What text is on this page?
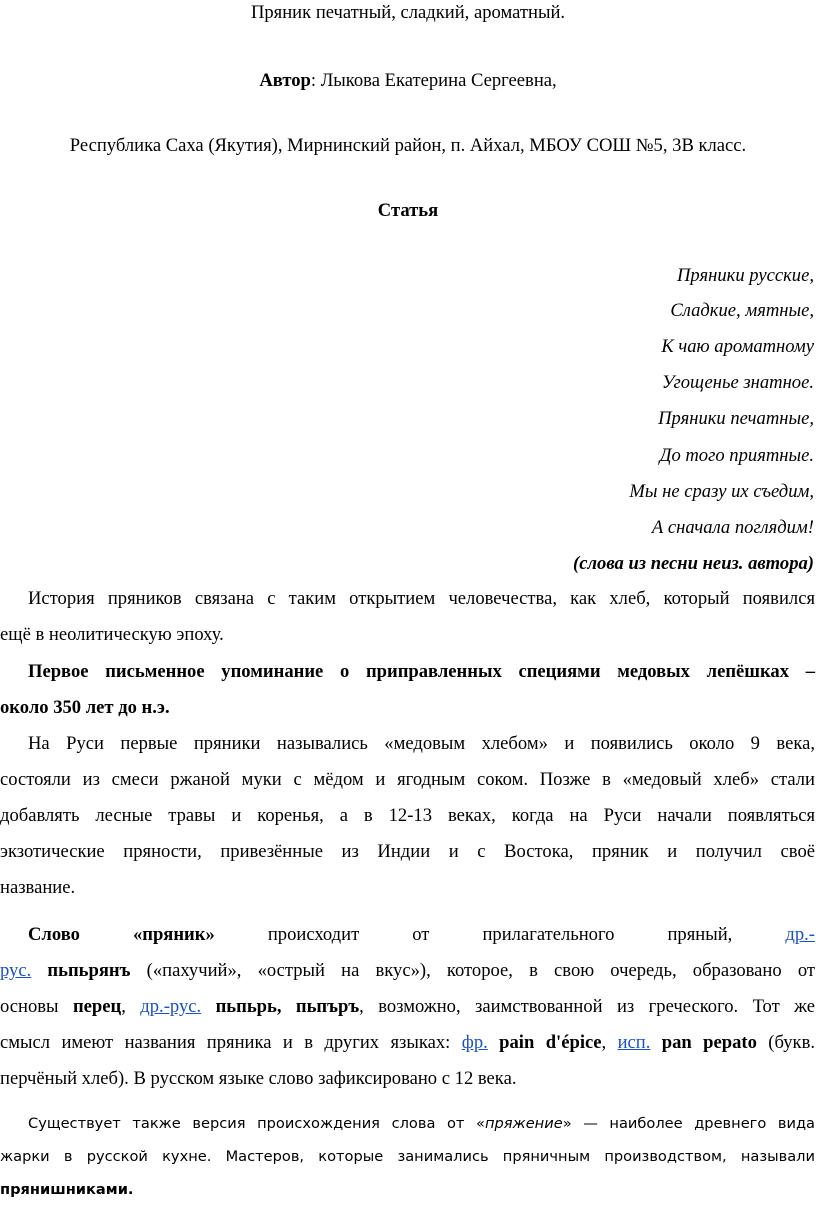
Пряник печатный, сладкий, ароматный.
Автор: Лыкова Екатерина Сергеевна,
Республика Саха (Якутия), Мирнинский район, п. Айхал, МБОУ СОШ №5, 3В класс.
Статья
Пряники русские,
Сладкие, мятные,
К чаю ароматному
Угощенье знатное.
Пряники печатные,
До того приятные.
Мы не сразу их съедим,
А сначала поглядим!
(слова из песни неиз. автора)
История пряников связана с таким открытием человечества, как хлеб, который появился
ещё в неолитическую эпоху.
Первое письменное упоминание о приправленных специями медовых лепёшках –
около 350 лет до н.э.
На Руси первые пряники назывались «медовым хлебом» и появились около 9 века,
состояли из смеси ржаной муки с мёдом и ягодным соком. Позже в «медовый хлеб» стали
добавлять лесные травы и коренья, а в 12-13 веках, когда на Руси начали появляться
экзотические пряности, привезённые из Индии и с Востока, пряник и получил своё
название.
Слово	«пряник»	происходит	от	прилагательного	пряный,	др.-
рус. пьпьрянъ («пахучий», «острый на вкус»), которое, в свою очередь, образовано от
основы перец, др.-рус. пьпьрь, пьпъръ, возможно, заимствованной из греческого. Тот же
смысл имеют названия пряника и в других языках: фр. pain d'épice, исп. pan pepato (букв.
перчёный хлеб). В русском языке слово зафиксировано с 12 века.
Существует также версия происхождения слова от «пряжение» — наиболее древнего вида
жарки в русской кухне. Мастеров, которые занимались пряничным производством, называли
прянишниками.
